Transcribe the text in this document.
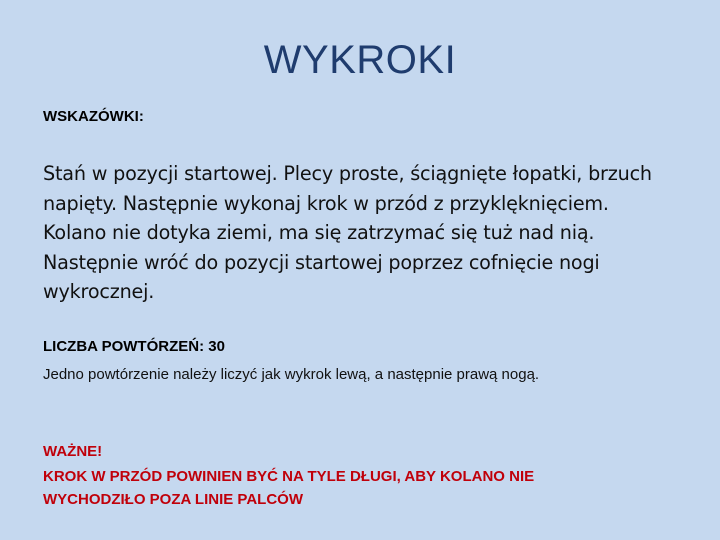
WYKROKI
WSKAZÓWKI:
Stań w pozycji startowej. Plecy proste, ściągnięte łopatki, brzuch
napięty. Następnie wykonaj krok w przód z przyklęknięciem.
Kolano nie dotyka ziemi, ma się zatrzymać się tuż nad nią.
Następnie wróć do pozycji startowej poprzez cofnięcie nogi
wykrocznej.
LICZBA POWTÓRZEŃ: 30
Jedno powtórzenie należy liczyć jak wykrok lewą, a następnie prawą nogą.
WAŻNE!
KROK W PRZÓD POWINIEN BYĆ NA TYLE DŁUGI, ABY KOLANO NIE
WYCHODZIŁO POZA LINIE PALCÓW
